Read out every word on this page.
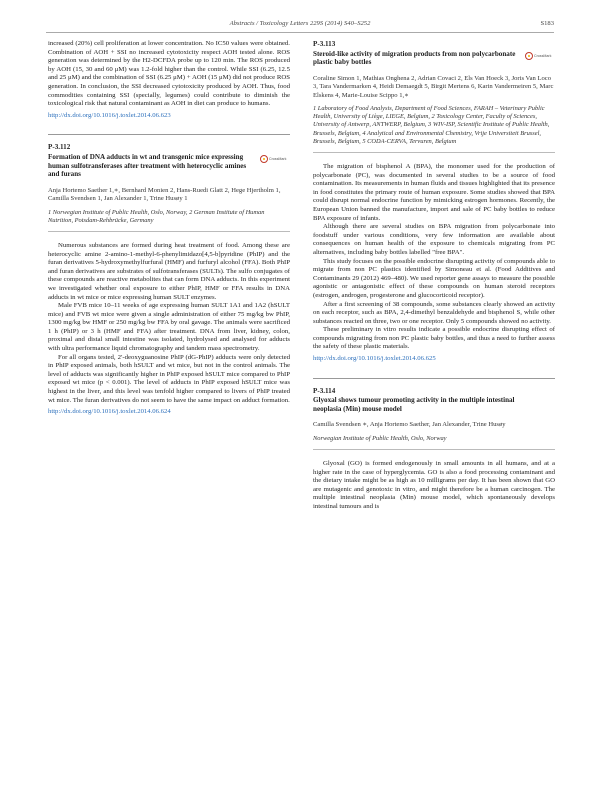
Abstracts / Toxicology Letters 229S (2014) S40–S252	S183

increased (20%) cell proliferation at lower concentration. No IC50 values were obtained. Combination of AOH + SSI no increased cytotoxicity respect AOH tested alone. ROS generation was determined by the H2-DCFDA probe up to 120 min. The ROS produced by AOH (15, 30 and 60 μM) was 1.2-fold higher than the control. While SSI (6.25, 12.5 and 25 μM) and the combination of SSI (6.25 μM) + AOH (15 μM) did not produce ROS generation. In conclusion, the SSI decreased cytotoxicity produced by AOH. Thus, food commodities containing SSI (specially, legumes) could contribute to diminish the toxicological risk that natural contaminant as AOH in diet can produce to humans.

http://dx.doi.org/10.1016/j.toxlet.2014.06.623
P-3.112
Formation of DNA adducts in wt and transgenic mice expressing human sulfotransferases after treatment with heterocyclic amines and furans
CrossMark
Anja Hortemo Saether 1,∗, Bernhard Monien 2, Hans-Ruedi Glatt 2, Hege Hjertholm 1, Camilla Svendsen 1, Jan Alexander 1, Trine Husøy 1
1 Norwegian Institute of Public Health, Oslo, Norway, 2 German Institute of Human Nutrition, Potsdam-Rehbrücke, Germany

Numerous substances are formed during heat treatment of food. Among these are heterocyclic amine 2-amino-1-methyl-6-phenylimidazo[4,5-b]pyridine (PhIP) and the furan derivatives 5-hydroxymethylfurfural (HMF) and furfuryl alcohol (FFA). Both PhIP and furan derivatives are substrates of sulfotransferases (SULTs). The sulfo conjugates of these compounds are reactive metabolites that can form DNA adducts. In this experiment we investigated whether oral exposure to either PhIP, HMF or FFA results in DNA adducts in wt mice or mice expressing human SULT enzymes.

Male FVB mice 10–11 weeks of age expressing human SULT 1A1 and 1A2 (hSULT mice) and FVB wt mice were given a single administration of either 75 mg/kg bw PhIP, 1300 mg/kg bw HMF or 250 mg/kg bw FFA by oral gavage. The animals were sacrificed 1 h (PhIP) or 3 h (HMF and FFA) after treatment. DNA from liver, kidney, colon, proximal and distal small intestine was isolated, hydrolysed and analysed for adducts with ultra performance liquid chromatography and tandem mass spectrometry.

For all organs tested, 2′-deoxyguanosine PhIP (dG-PhIP) adducts were only detected in PhIP exposed animals, both hSULT and wt mice, but not in the control animals. The level of adducts was significantly higher in PhIP exposed hSULT mice compared to PhIP exposed wt mice (p < 0.001). The level of adducts in PhIP exposed hSULT mice was highest in the liver, and this level was tenfold higher compared to livers of PhIP treated wt mice. The furan derivatives do not seem to have the same impact on adduct formation.

http://dx.doi.org/10.1016/j.toxlet.2014.06.624
P-3.113
Steroid-like activity of migration products from non polycarbonate plastic baby bottles
CrossMark
Coraline Simon 1, Mathias Onghena 2, Adrian Covaci 2, Els Van Hoeck 3, Joris Van Loco 3, Tara Vandermarken 4, Heidi Demaegdt 5, Birgit Mertens 6, Karin Vandermeiren 5, Marc Elskens 4, Marie-Louise Scippo 1,∗
1 Laboratory of Food Analysis, Department of Food Sciences, FARAH – Veterinary Public Health, University of Liège, LIEGE, Belgium, 2 Toxicology Center, Faculty of Sciences, University of Antwerp, ANTWERP, Belgium, 3 WIV-ISP, Scientific Institute of Public Health, Brussels, Belgium, 4 Analytical and Environmental Chemistry, Vrije Universiteit Brussel, Brussels, Belgium, 5 CODA-CERVA, Tervuren, Belgium

The migration of bisphenol A (BPA), the monomer used for the production of polycarbonate (PC), was documented in several studies to be a source of food contamination. Its measurements in human fluids and tissues highlighted that its presence in food constitutes the primary route of human exposure. Some studies showed that BPA could disrupt normal endocrine function by mimicking estrogen hormones. Recently, the European Union banned the manufacture, import and sale of PC baby bottles to reduce BPA exposure of infants.

Although there are several studies on BPA migration from polycarbonate into foodstuff under various conditions, very few information are available about consequences on human health of the exposure to chemicals migrating from PC alternatives, including baby bottles labelled "free BPA".

This study focuses on the possible endocrine disrupting activity of compounds able to migrate from non PC plastics identified by Simoneau et al. (Food Additives and Contaminants 29 (2012) 469–480). We used reporter gene assays to measure the possible agonistic or antagonistic effect of these compounds on human steroid receptors (estrogen, androgen, progesterone and glucocorticoid receptor).

After a first screening of 38 compounds, some substances clearly showed an activity on each receptor, such as BPA, 2,4-dimethyl benzaldehyde and bisphenol S, while other substances reacted on three, two or one receptor. Only 5 compounds showed no activity.

These preliminary in vitro results indicate a possible endocrine disrupting effect of compounds migrating from non PC plastic baby bottles, and thus a need to further assess the safety of these plastic materials.

http://dx.doi.org/10.1016/j.toxlet.2014.06.625
P-3.114
Glyoxal shows tumour promoting activity in the multiple intestinal neoplasia (Min) mouse model
Camilla Svendsen ∗, Anja Hortemo Saether, Jan Alexander, Trine Husøy
Norwegian Institute of Public Health, Oslo, Norway

Glyoxal (GO) is formed endogenously in small amounts in all humans, and at a higher rate in the case of hyperglycemia. GO is also a food processing contaminant and the dietary intake might be as high as 10 milligrams per day. It has been shown that GO are mutagenic and genotoxic in vitro, and might therefore be a human carcinogen. The multiple intestinal neoplasia (Min) mouse model, which spontaneously develops intestinal tumours and is
